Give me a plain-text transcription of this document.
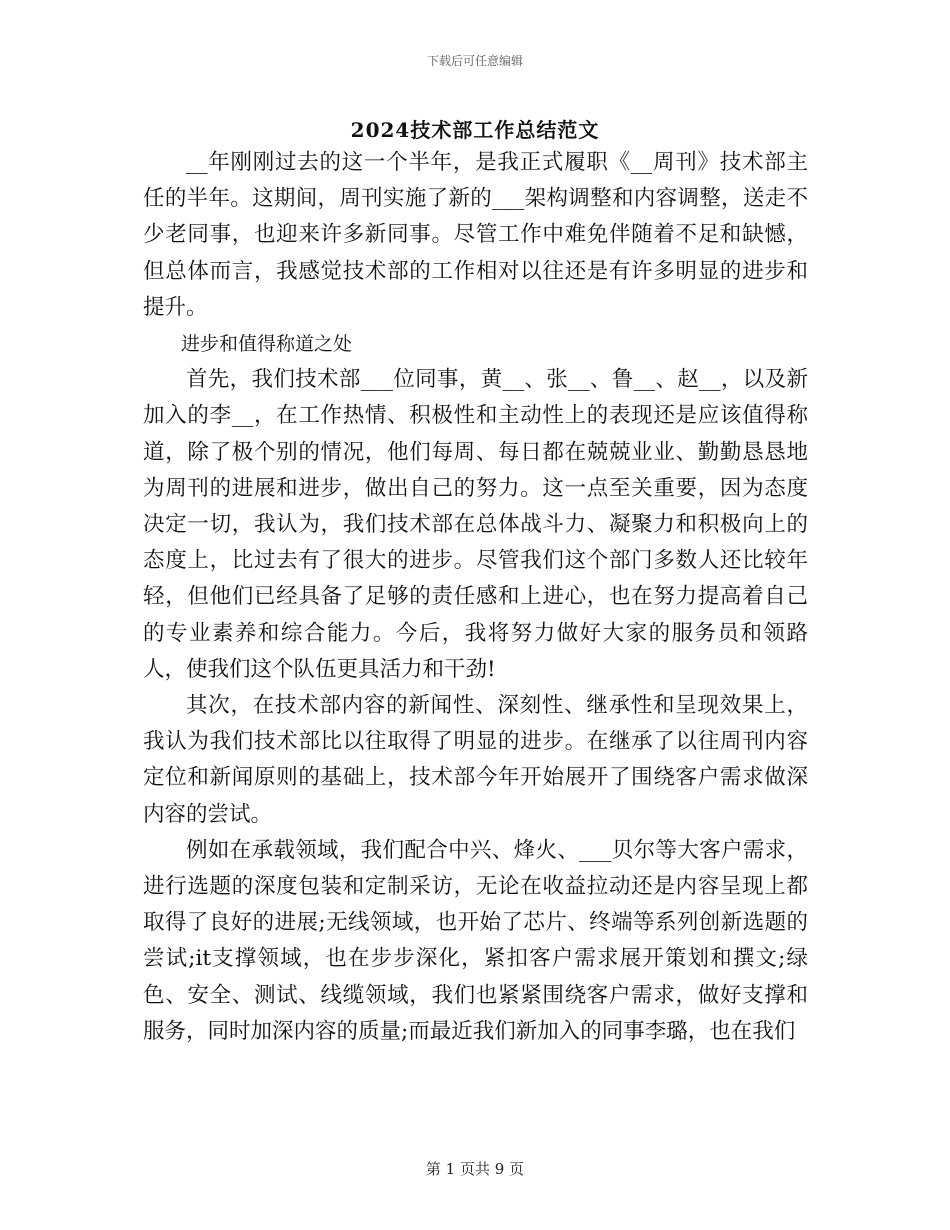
下载后可任意编辑
2024技术部工作总结范文

__年刚刚过去的这一个半年，是我正式履职《__周刊》技术部主任的半年。这期间，周刊实施了新的___架构调整和内容调整，送走不少老同事，也迎来许多新同事。尽管工作中难免伴随着不足和缺憾，但总体而言，我感觉技术部的工作相对以往还是有许多明显的进步和提升。

进步和值得称道之处

首先，我们技术部___位同事，黄__、张__、鲁__、赵__，以及新加入的李__，在工作热情、积极性和主动性上的表现还是应该值得称道，除了极个别的情况，他们每周、每日都在兢兢业业、勤勤恳恳地为周刊的进展和进步，做出自己的努力。这一点至关重要，因为态度决定一切，我认为，我们技术部在总体战斗力、凝聚力和积极向上的态度上，比过去有了很大的进步。尽管我们这个部门多数人还比较年轻，但他们已经具备了足够的责任感和上进心，也在努力提高着自己的专业素养和综合能力。今后，我将努力做好大家的服务员和领路人，使我们这个队伍更具活力和干劲!

其次，在技术部内容的新闻性、深刻性、继承性和呈现效果上，我认为我们技术部比以往取得了明显的进步。在继承了以往周刊内容定位和新闻原则的基础上，技术部今年开始展开了围绕客户需求做深内容的尝试。

例如在承载领域，我们配合中兴、烽火、___贝尔等大客户需求，进行选题的深度包装和定制采访，无论在收益拉动还是内容呈现上都取得了良好的进展;无线领域，也开始了芯片、终端等系列创新选题的尝试;it支撑领域，也在步步深化，紧扣客户需求展开策划和撰文;绿色、安全、测试、线缆领域，我们也紧紧围绕客户需求，做好支撑和服务，同时加深内容的质量;而最近我们新加入的同事李璐，也在我们

第 1 页共 9 页
